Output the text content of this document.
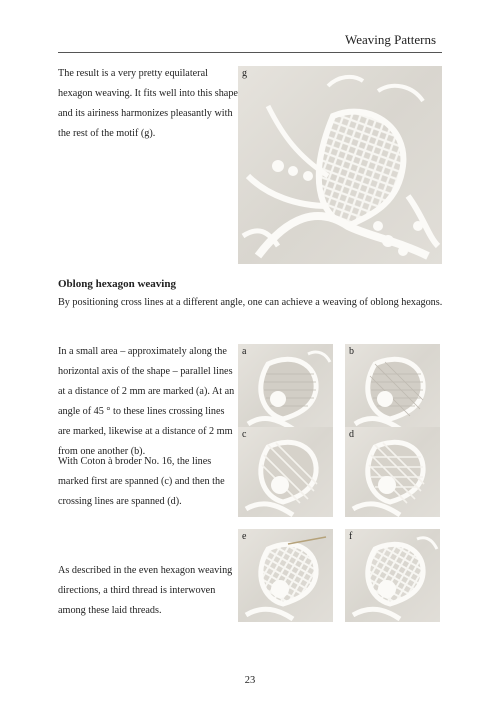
Weaving Patterns
The result is a very pretty equilateral hexagon weaving. It fits well into this shape and its airiness harmonizes pleasantly with the rest of the motif (g).
g
Oblong hexagon weaving
By positioning cross lines at a different angle, one can achieve a weaving of oblong hexagons.
In a small area – approximately along the horizontal axis of the shape – parallel lines at a distance of 2 mm are marked (a). At an angle of 45 ° to these lines crossing lines are marked, likewise at a distance of 2 mm from one another (b).
With Coton à broder No. 16, the lines marked first are spanned (c) and then the crossing lines are spanned (d).
As described in the even hexagon weaving directions, a third thread is interwoven among these laid threads.
a	b
c	d
e	f
23
